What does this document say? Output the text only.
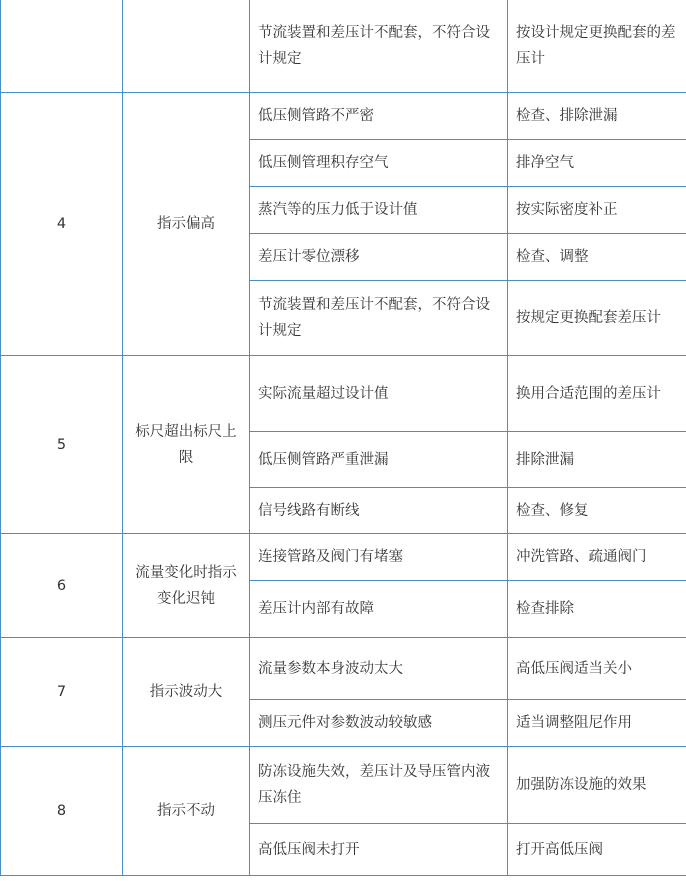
		节流装置和差压计不配套，不符合设计规定	按设计规定更换配套的差压计
4	指示偏高	低压侧管路不严密	检查、排除泄漏
		低压侧管理积存空气	排净空气
		蒸汽等的压力低于设计值	按实际密度补正
		差压计零位漂移	检查、调整
		节流装置和差压计不配套，不符合设计规定	按规定更换配套差压计
5	标尺超出标尺上限	实际流量超过设计值	换用合适范围的差压计
		低压侧管路严重泄漏	排除泄漏
		信号线路有断线	检查、修复
6	流量变化时指示变化迟钝	连接管路及阀门有堵塞	冲洗管路、疏通阀门
		差压计内部有故障	检查排除
7	指示波动大	流量参数本身波动太大	高低压阀适当关小
		测压元件对参数波动较敏感	适当调整阻尼作用
8	指示不动	防冻设施失效，差压计及导压管内液压冻住	加强防冻设施的效果
		高低压阀未打开	打开高低压阀
